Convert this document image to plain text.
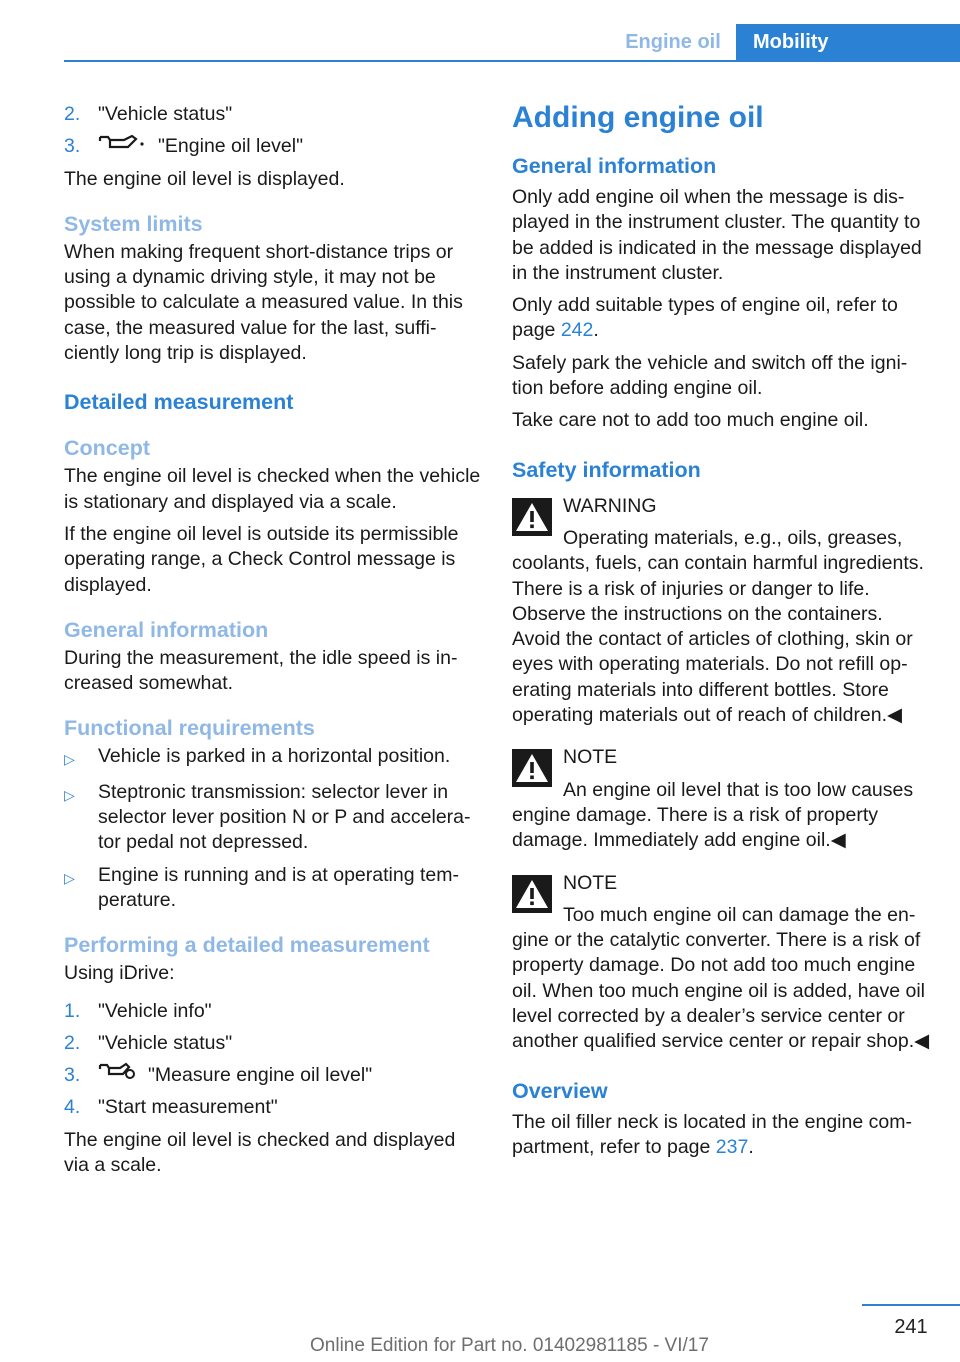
Engine oil	Mobility
2. "Vehicle status"
3.	"Engine oil level"

The engine oil level is displayed.

System limits

When making frequent short-distance trips or using a dynamic driving style, it may not be possible to calculate a measured value. In this case, the measured value for the last, sufficiently long trip is displayed.

Detailed measurement
Concept

The engine oil level is checked when the vehicle is stationary and displayed via a scale.

If the engine oil level is outside its permissible operating range, a Check Control message is displayed.

General information

During the measurement, the idle speed is increased somewhat.

Functional requirements
▷	Vehicle is parked in a horizontal position.
▷	Steptronic transmission: selector lever in selector lever position N or P and accelerator pedal not depressed.
▷	Engine is running and is at operating temperature.
Performing a detailed measurement

Using iDrive:

1. "Vehicle info"
2. "Vehicle status"
3.	"Measure engine oil level"
4. "Start measurement"

The engine oil level is checked and displayed via a scale.

Adding engine oil
General information

Only add engine oil when the message is displayed in the instrument cluster. The quantity to be added is indicated in the message displayed in the instrument cluster.

Only add suitable types of engine oil, refer to page 242.

Safely park the vehicle and switch off the ignition before adding engine oil.

Take care not to add too much engine oil.

Safety information
WARNING

Operating materials, e.g., oils, greases, coolants, fuels, can contain harmful ingredients. There is a risk of injuries or danger to life. Observe the instructions on the containers. Avoid the contact of articles of clothing, skin or eyes with operating materials. Do not refill operating materials into different bottles. Store operating materials out of reach of children.◀

NOTE

An engine oil level that is too low causes engine damage. There is a risk of property damage. Immediately add engine oil.◀

NOTE

Too much engine oil can damage the engine or the catalytic converter. There is a risk of property damage. Do not add too much engine oil. When too much engine oil is added, have oil level corrected by a dealer’s service center or another qualified service center or repair shop.◀

Overview

The oil filler neck is located in the engine compartment, refer to page 237.

241
Online Edition for Part no. 01402981185 - VI/17
